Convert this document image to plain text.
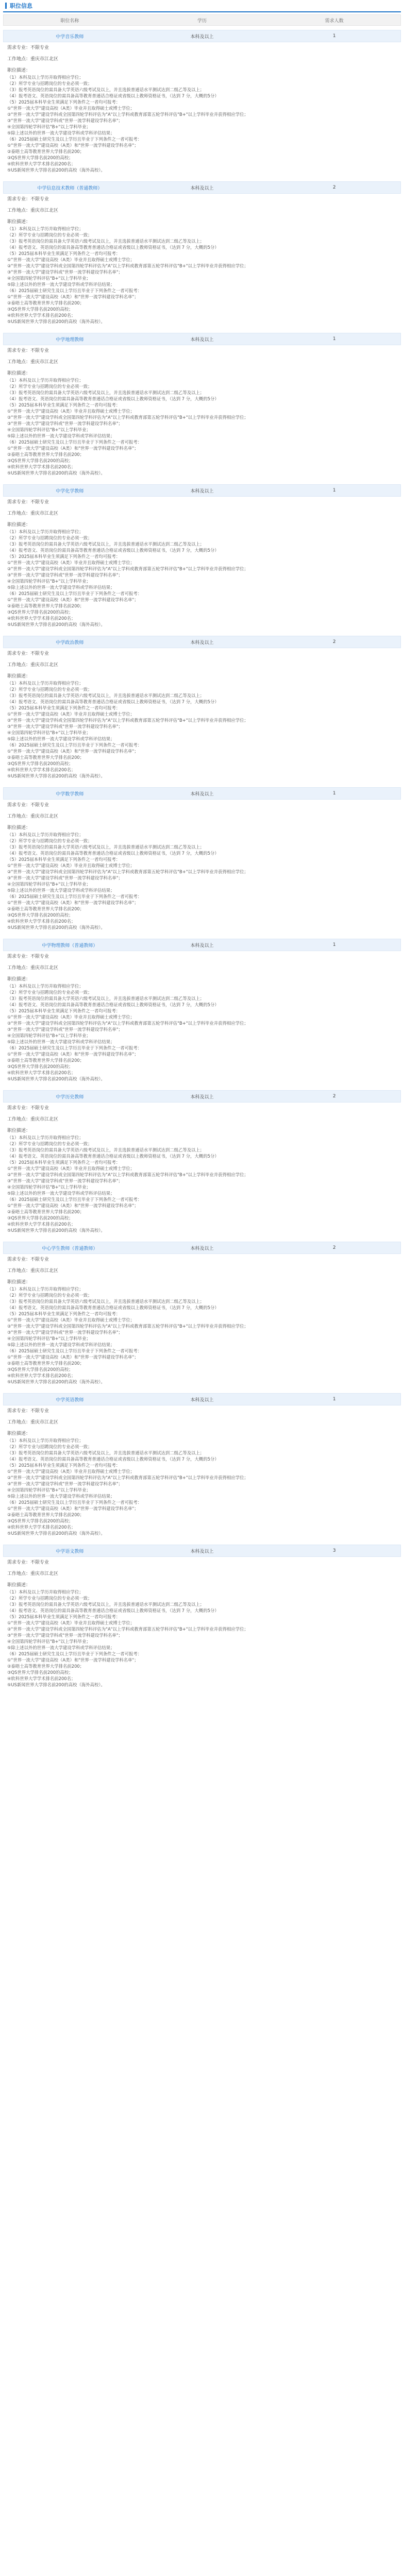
职位信息
职位名称	学历	需求人数
中学音乐教师	本科及以上	1
需求专业：不限专业
工作地点：重庆市江北区
职位描述：
（1）本科及以上学历并取得相应学位；
（2）所学专业与招聘岗位的专业必须一致；
（3）报考英语岗位的需具备大学英语六级考试及以上，并且选拔普通话水平测试达到二级乙等及以上；
（4）报考语文、英语岗位的需具备高等教育普通话合格证或省级以上教师资格证书，（达到 7 分，大概的5分）
（5）2025届本科毕业生须满足下列条件之一者均可报考：
①"世界一流大学"建设高校（A类）毕业并且取得硕士或博士学位；
②"世界一流大学"建设学科或全国第四轮学科评估为"A"以上学科或教育部第五轮学科评估"B+"以上学科毕业并获得相应学位；
③"世界一流大学"建设学科或"世界一流学科建设学科名单"；
④全国第四轮学科评估"B+"以上学科毕业；
⑤除上述以外的世界一流大学建设学科或学科评估结果；
（6）2025届硕士研究生及以上学历且毕业于下列条件之一者可报考：
①"世界一流大学"建设高校（A类）和"世界一流学科建设学科名单"；
②泰晤士高等教育世界大学排名前200；
③QS世界大学排名前200的高校；
④软科世界大学学术排名前200名；
⑤US新闻世界大学排名前200的高校（海外高校）。
中学信息技术教师（普通教师）	本科及以上	2
需求专业：不限专业
工作地点：重庆市江北区
职位描述：
（1）本科及以上学历并取得相应学位；
（2）所学专业与招聘岗位的专业必须一致；
（3）报考英语岗位的需具备大学英语六级考试及以上，并且选拔普通话水平测试达到二级乙等及以上；
（4）报考语文、英语岗位的需具备高等教育普通话合格证或省级以上教师资格证书，（达到 7 分，大概的5分）
（5）2025届本科毕业生须满足下列条件之一者均可报考：
①"世界一流大学"建设高校（A类）毕业并且取得硕士或博士学位；
②"世界一流大学"建设学科或全国第四轮学科评估为"A"以上学科或教育部第五轮学科评估"B+"以上学科毕业并获得相应学位；
③"世界一流大学"建设学科或"世界一流学科建设学科名单"；
④全国第四轮学科评估"B+"以上学科毕业；
⑤除上述以外的世界一流大学建设学科或学科评估结果；
（6）2025届硕士研究生及以上学历且毕业于下列条件之一者可报考：
①"世界一流大学"建设高校（A类）和"世界一流学科建设学科名单"；
②泰晤士高等教育世界大学排名前200；
③QS世界大学排名前200的高校；
④软科世界大学学术排名前200名；
⑤US新闻世界大学排名前200的高校（海外高校）。
中学地理教师	本科及以上	1
需求专业：不限专业
工作地点：重庆市江北区
职位描述：
（1）本科及以上学历并取得相应学位；
（2）所学专业与招聘岗位的专业必须一致；
（3）报考英语岗位的需具备大学英语六级考试及以上，并且选拔普通话水平测试达到二级乙等及以上；
（4）报考语文、英语岗位的需具备高等教育普通话合格证或省级以上教师资格证书，（达到 7 分，大概的5分）
（5）2025届本科毕业生须满足下列条件之一者均可报考：
①"世界一流大学"建设高校（A类）毕业并且取得硕士或博士学位；
②"世界一流大学"建设学科或全国第四轮学科评估为"A"以上学科或教育部第五轮学科评估"B+"以上学科毕业并获得相应学位；
③"世界一流大学"建设学科或"世界一流学科建设学科名单"；
④全国第四轮学科评估"B+"以上学科毕业；
⑤除上述以外的世界一流大学建设学科或学科评估结果；
（6）2025届硕士研究生及以上学历且毕业于下列条件之一者可报考：
①"世界一流大学"建设高校（A类）和"世界一流学科建设学科名单"；
②泰晤士高等教育世界大学排名前200；
③QS世界大学排名前200的高校；
④软科世界大学学术排名前200名；
⑤US新闻世界大学排名前200的高校（海外高校）。
中学化学教师	本科及以上	1
需求专业：不限专业
工作地点：重庆市江北区
职位描述：
（1）本科及以上学历并取得相应学位；
（2）所学专业与招聘岗位的专业必须一致；
（3）报考英语岗位的需具备大学英语六级考试及以上，并且选拔普通话水平测试达到二级乙等及以上；
（4）报考语文、英语岗位的需具备高等教育普通话合格证或省级以上教师资格证书，（达到 7 分，大概的5分）
（5）2025届本科毕业生须满足下列条件之一者均可报考：
①"世界一流大学"建设高校（A类）毕业并且取得硕士或博士学位；
②"世界一流大学"建设学科或全国第四轮学科评估为"A"以上学科或教育部第五轮学科评估"B+"以上学科毕业并获得相应学位；
③"世界一流大学"建设学科或"世界一流学科建设学科名单"；
④全国第四轮学科评估"B+"以上学科毕业；
⑤除上述以外的世界一流大学建设学科或学科评估结果；
（6）2025届硕士研究生及以上学历且毕业于下列条件之一者可报考：
①"世界一流大学"建设高校（A类）和"世界一流学科建设学科名单"；
②泰晤士高等教育世界大学排名前200；
③QS世界大学排名前200的高校；
④软科世界大学学术排名前200名；
⑤US新闻世界大学排名前200的高校（海外高校）。
中学政治教师	本科及以上	2
需求专业：不限专业
工作地点：重庆市江北区
职位描述：
（1）本科及以上学历并取得相应学位；
（2）所学专业与招聘岗位的专业必须一致；
（3）报考英语岗位的需具备大学英语六级考试及以上，并且选拔普通话水平测试达到二级乙等及以上；
（4）报考语文、英语岗位的需具备高等教育普通话合格证或省级以上教师资格证书，（达到 7 分，大概的5分）
（5）2025届本科毕业生须满足下列条件之一者均可报考：
①"世界一流大学"建设高校（A类）毕业并且取得硕士或博士学位；
②"世界一流大学"建设学科或全国第四轮学科评估为"A"以上学科或教育部第五轮学科评估"B+"以上学科毕业并获得相应学位；
③"世界一流大学"建设学科或"世界一流学科建设学科名单"；
④全国第四轮学科评估"B+"以上学科毕业；
⑤除上述以外的世界一流大学建设学科或学科评估结果；
（6）2025届硕士研究生及以上学历且毕业于下列条件之一者可报考：
①"世界一流大学"建设高校（A类）和"世界一流学科建设学科名单"；
②泰晤士高等教育世界大学排名前200；
③QS世界大学排名前200的高校；
④软科世界大学学术排名前200名；
⑤US新闻世界大学排名前200的高校（海外高校）。
中学数学教师	本科及以上	1
需求专业：不限专业
工作地点：重庆市江北区
职位描述：
（1）本科及以上学历并取得相应学位；
（2）所学专业与招聘岗位的专业必须一致；
（3）报考英语岗位的需具备大学英语六级考试及以上，并且选拔普通话水平测试达到二级乙等及以上；
（4）报考语文、英语岗位的需具备高等教育普通话合格证或省级以上教师资格证书，（达到 7 分，大概的5分）
（5）2025届本科毕业生须满足下列条件之一者均可报考：
①"世界一流大学"建设高校（A类）毕业并且取得硕士或博士学位；
②"世界一流大学"建设学科或全国第四轮学科评估为"A"以上学科或教育部第五轮学科评估"B+"以上学科毕业并获得相应学位；
③"世界一流大学"建设学科或"世界一流学科建设学科名单"；
④全国第四轮学科评估"B+"以上学科毕业；
⑤除上述以外的世界一流大学建设学科或学科评估结果；
（6）2025届硕士研究生及以上学历且毕业于下列条件之一者可报考：
①"世界一流大学"建设高校（A类）和"世界一流学科建设学科名单"；
②泰晤士高等教育世界大学排名前200；
③QS世界大学排名前200的高校；
④软科世界大学学术排名前200名；
⑤US新闻世界大学排名前200的高校（海外高校）。
中学物理教师（普通教师）	本科及以上	1
需求专业：不限专业
工作地点：重庆市江北区
职位描述：
（1）本科及以上学历并取得相应学位；
（2）所学专业与招聘岗位的专业必须一致；
（3）报考英语岗位的需具备大学英语六级考试及以上，并且选拔普通话水平测试达到二级乙等及以上；
（4）报考语文、英语岗位的需具备高等教育普通话合格证或省级以上教师资格证书，（达到 7 分，大概的5分）
（5）2025届本科毕业生须满足下列条件之一者均可报考：
①"世界一流大学"建设高校（A类）毕业并且取得硕士或博士学位；
②"世界一流大学"建设学科或全国第四轮学科评估为"A"以上学科或教育部第五轮学科评估"B+"以上学科毕业并获得相应学位；
③"世界一流大学"建设学科或"世界一流学科建设学科名单"；
④全国第四轮学科评估"B+"以上学科毕业；
⑤除上述以外的世界一流大学建设学科或学科评估结果；
（6）2025届硕士研究生及以上学历且毕业于下列条件之一者可报考：
①"世界一流大学"建设高校（A类）和"世界一流学科建设学科名单"；
②泰晤士高等教育世界大学排名前200；
③QS世界大学排名前200的高校；
④软科世界大学学术排名前200名；
⑤US新闻世界大学排名前200的高校（海外高校）。
中学历史教师	本科及以上	2
需求专业：不限专业
工作地点：重庆市江北区
职位描述：
（1）本科及以上学历并取得相应学位；
（2）所学专业与招聘岗位的专业必须一致；
（3）报考英语岗位的需具备大学英语六级考试及以上，并且选拔普通话水平测试达到二级乙等及以上；
（4）报考语文、英语岗位的需具备高等教育普通话合格证或省级以上教师资格证书，（达到 7 分，大概的5分）
（5）2025届本科毕业生须满足下列条件之一者均可报考：
①"世界一流大学"建设高校（A类）毕业并且取得硕士或博士学位；
②"世界一流大学"建设学科或全国第四轮学科评估为"A"以上学科或教育部第五轮学科评估"B+"以上学科毕业并获得相应学位；
③"世界一流大学"建设学科或"世界一流学科建设学科名单"；
④全国第四轮学科评估"B+"以上学科毕业；
⑤除上述以外的世界一流大学建设学科或学科评估结果；
（6）2025届硕士研究生及以上学历且毕业于下列条件之一者可报考：
①"世界一流大学"建设高校（A类）和"世界一流学科建设学科名单"；
②泰晤士高等教育世界大学排名前200；
③QS世界大学排名前200的高校；
④软科世界大学学术排名前200名；
⑤US新闻世界大学排名前200的高校（海外高校）。
中心学生教师（普通教师）	本科及以上	2
需求专业：不限专业
工作地点：重庆市江北区
职位描述：
（1）本科及以上学历并取得相应学位；
（2）所学专业与招聘岗位的专业必须一致；
（3）报考英语岗位的需具备大学英语六级考试及以上，并且选拔普通话水平测试达到二级乙等及以上；
（4）报考语文、英语岗位的需具备高等教育普通话合格证或省级以上教师资格证书，（达到 7 分，大概的5分）
（5）2025届本科毕业生须满足下列条件之一者均可报考：
①"世界一流大学"建设高校（A类）毕业并且取得硕士或博士学位；
②"世界一流大学"建设学科或全国第四轮学科评估为"A"以上学科或教育部第五轮学科评估"B+"以上学科毕业并获得相应学位；
③"世界一流大学"建设学科或"世界一流学科建设学科名单"；
④全国第四轮学科评估"B+"以上学科毕业；
⑤除上述以外的世界一流大学建设学科或学科评估结果；
（6）2025届硕士研究生及以上学历且毕业于下列条件之一者可报考：
①"世界一流大学"建设高校（A类）和"世界一流学科建设学科名单"；
②泰晤士高等教育世界大学排名前200；
③QS世界大学排名前200的高校；
④软科世界大学学术排名前200名；
⑤US新闻世界大学排名前200的高校（海外高校）。
中学英语教师	本科及以上	1
需求专业：不限专业
工作地点：重庆市江北区
职位描述：
（1）本科及以上学历并取得相应学位；
（2）所学专业与招聘岗位的专业必须一致；
（3）报考英语岗位的需具备大学英语六级考试及以上，并且选拔普通话水平测试达到二级乙等及以上；
（4）报考语文、英语岗位的需具备高等教育普通话合格证或省级以上教师资格证书，（达到 7 分，大概的5分）
（5）2025届本科毕业生须满足下列条件之一者均可报考：
①"世界一流大学"建设高校（A类）毕业并且取得硕士或博士学位；
②"世界一流大学"建设学科或全国第四轮学科评估为"A"以上学科或教育部第五轮学科评估"B+"以上学科毕业并获得相应学位；
③"世界一流大学"建设学科或"世界一流学科建设学科名单"；
④全国第四轮学科评估"B+"以上学科毕业；
⑤除上述以外的世界一流大学建设学科或学科评估结果；
（6）2025届硕士研究生及以上学历且毕业于下列条件之一者可报考：
①"世界一流大学"建设高校（A类）和"世界一流学科建设学科名单"；
②泰晤士高等教育世界大学排名前200；
③QS世界大学排名前200的高校；
④软科世界大学学术排名前200名；
⑤US新闻世界大学排名前200的高校（海外高校）。
中学语文教师	本科及以上	3
需求专业：不限专业
工作地点：重庆市江北区
职位描述：
（1）本科及以上学历并取得相应学位；
（2）所学专业与招聘岗位的专业必须一致；
（3）报考英语岗位的需具备大学英语六级考试及以上，并且选拔普通话水平测试达到二级乙等及以上；
（4）报考语文、英语岗位的需具备高等教育普通话合格证或省级以上教师资格证书，（达到 7 分，大概的5分）
（5）2025届本科毕业生须满足下列条件之一者均可报考：
①"世界一流大学"建设高校（A类）毕业并且取得硕士或博士学位；
②"世界一流大学"建设学科或全国第四轮学科评估为"A"以上学科或教育部第五轮学科评估"B+"以上学科毕业并获得相应学位；
③"世界一流大学"建设学科或"世界一流学科建设学科名单"；
④全国第四轮学科评估"B+"以上学科毕业；
⑤除上述以外的世界一流大学建设学科或学科评估结果；
（6）2025届硕士研究生及以上学历且毕业于下列条件之一者可报考：
①"世界一流大学"建设高校（A类）和"世界一流学科建设学科名单"；
②泰晤士高等教育世界大学排名前200；
③QS世界大学排名前200的高校；
④软科世界大学学术排名前200名；
⑤US新闻世界大学排名前200的高校（海外高校）。
